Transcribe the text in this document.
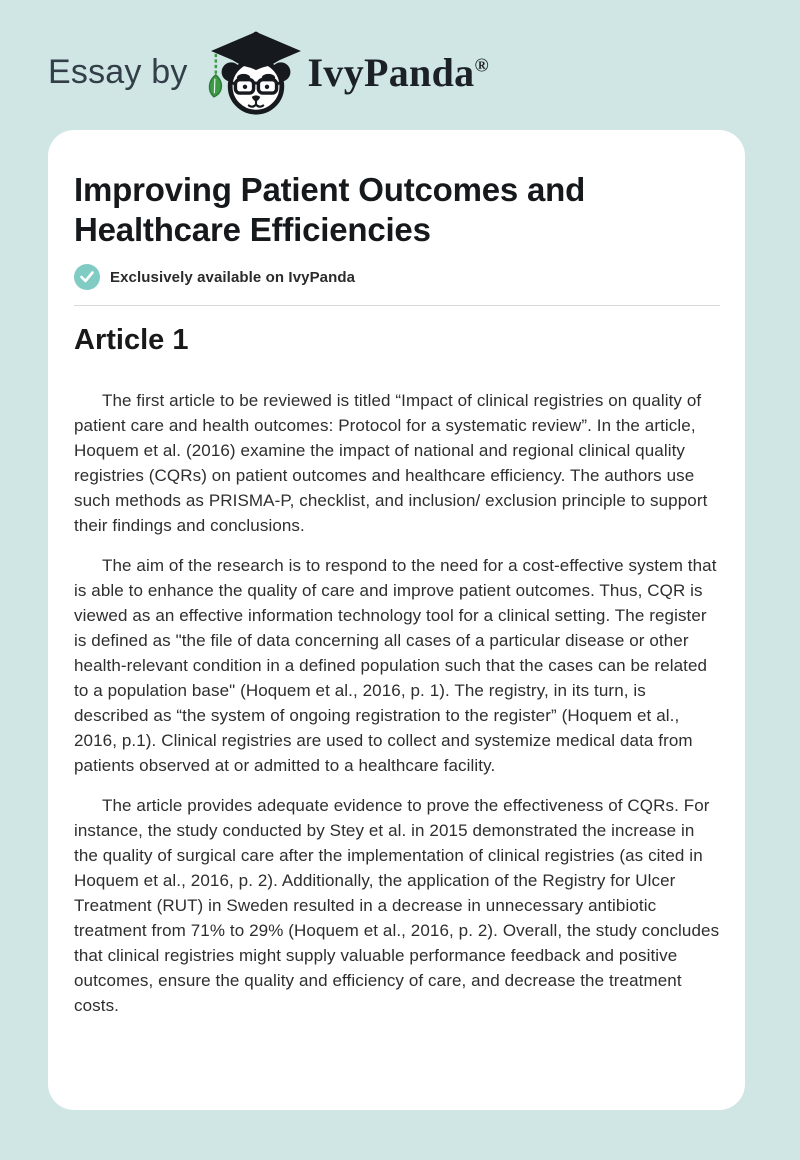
Essay by	IvyPanda®
Improving Patient Outcomes and Healthcare Efficiencies
Exclusively available on IvyPanda
Article 1

The first article to be reviewed is titled “Impact of clinical registries on quality of patient care and health outcomes: Protocol for a systematic review”. In the article, Hoquem et al. (2016) examine the impact of national and regional clinical quality registries (CQRs) on patient outcomes and healthcare efficiency. The authors use such methods as PRISMA-P, checklist, and inclusion/ exclusion principle to support their findings and conclusions.

The aim of the research is to respond to the need for a cost-effective system that is able to enhance the quality of care and improve patient outcomes. Thus, CQR is viewed as an effective information technology tool for a clinical setting. The register is defined as "the file of data concerning all cases of a particular disease or other health-relevant condition in a defined population such that the cases can be related to a population base" (Hoquem et al., 2016, p. 1). The registry, in its turn, is described as “the system of ongoing registration to the register” (Hoquem et al., 2016, p.1). Clinical registries are used to collect and systemize medical data from patients observed at or admitted to a healthcare facility.

The article provides adequate evidence to prove the effectiveness of CQRs. For instance, the study conducted by Stey et al. in 2015 demonstrated the increase in the quality of surgical care after the implementation of clinical registries (as cited in Hoquem et al., 2016, p. 2). Additionally, the application of the Registry for Ulcer Treatment (RUT) in Sweden resulted in a decrease in unnecessary antibiotic treatment from 71% to 29% (Hoquem et al., 2016, p. 2). Overall, the study concludes that clinical registries might supply valuable performance feedback and positive outcomes, ensure the quality and efficiency of care, and decrease the treatment costs.
